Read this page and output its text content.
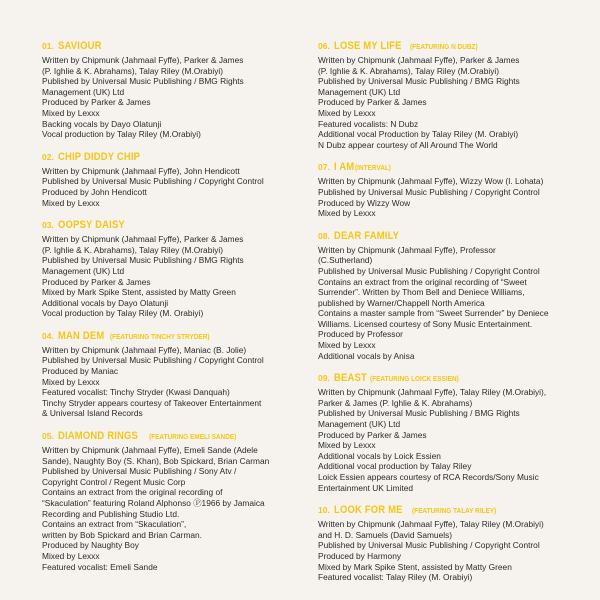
01. SAVIOUR
Written by Chipmunk (Jahmaal Fyffe), Parker & James
(P. Ighlie & K. Abrahams), Talay Riley (M.Orabiyi)
Published by Universal Music Publishing / BMG Rights
Management (UK) Ltd
Produced by Parker & James
Mixed by Lexxx
Backing vocals by Dayo Olatunji
Vocal production by Talay Riley (M.Orabiyi)
02. CHIP DIDDY CHIP
Written by Chipmunk (Jahmaal Fyffe), John Hendicott
Published by Universal Music Publishing / Copyright Control
Produced by John Hendicott
Mixed by Lexxx
03. OOPSY DAISY
Written by Chipmunk (Jahmaal Fyffe), Parker & James
(P. Ighlie & K. Abrahams), Talay Riley (M.Orabiyi)
Published by Universal Music Publishing / BMG Rights
Management (UK) Ltd
Produced by Parker & James
Mixed by Mark Spike Stent, assisted by Matty Green
Additional vocals by Dayo Olatunji
Vocal production by Talay Riley (M. Orabiyi)
04. MAN DEM (FEATURING TINCHY STRYDER)
Written by Chipmunk (Jahmaal Fyffe), Maniac (B. Jolie)
Published by Universal Music Publishing / Copyright Control
Produced by Maniac
Mixed by Lexxx
Featured vocalist: Tinchy Stryder (Kwasi Danquah)
Tinchy Stryder appears courtesy of Takeover Entertainment
& Universal Island Records
05. DIAMOND RINGS (FEATURING EMELI SANDE)
Written by Chipmunk (Jahmaal Fyffe), Emeli Sande (Adele
Sande), Naughty Boy (S. Khan), Bob Spickard, Brian Carman
Published by Universal Music Publishing / Sony Atv /
Copyright Control / Regent Music Corp
Contains an extract from the original recording of
“Skaculation” featuring Roland Alphonso Ⓟ1966 by Jamaica
Recording and Publishing Studio Ltd.
Contains an extract from “Skaculation”,
written by Bob Spickard and Brian Carman.
Produced by Naughty Boy
Mixed by Lexxx
Featured vocalist: Emeli Sande
06. LOSE MY LIFE (FEATURING N DUBZ)
Written by Chipmunk (Jahmaal Fyffe), Parker & James
(P. Ighlie & K. Abrahams), Talay Riley (M.Orabiyi)
Published by Universal Music Publishing / BMG Rights
Management (UK) Ltd
Produced by Parker & James
Mixed by Lexxx
Featured vocalists: N Dubz
Additional vocal Production by Talay Riley (M. Orabiyi)
N Dubz appear courtesy of All Around The World
07. I AM (INTERVAL)
Written by Chipmunk (Jahmaal Fyffe), Wizzy Wow (I. Lohata)
Published by Universal Music Publishing / Copyright Control
Produced by Wizzy Wow
Mixed by Lexxx
08. DEAR FAMILY
Written by Chipmunk (Jahmaal Fyffe), Professor
(C.Sutherland)
Published by Universal Music Publishing / Copyright Control
Contains an extract from the original recording of “Sweet
Surrender”. Written by Thom Bell and Deniece Williams,
published by Warner/Chappell North America
Contains a master sample from “Sweet Surrender” by Deniece
Williams. Licensed courtesy of Sony Music Entertainment.
Produced by Professor
Mixed by Lexxx
Additional vocals by Anisa
09. BEAST (FEATURING LOICK ESSIEN)
Written by Chipmunk (Jahmaal Fyffe), Talay Riley (M.Orabiyi),
Parker & James (P. Ighlie & K. Abrahams)
Published by Universal Music Publishing / BMG Rights
Management (UK) Ltd
Produced by Parker & James
Mixed by Lexxx
Additional vocals by Loick Essien
Additional vocal production by Talay Riley
Loick Essien appears courtesy of RCA Records/Sony Music
Entertainment UK Limited
10. LOOK FOR ME (FEATURING TALAY RILEY)
Written by Chipmunk (Jahmaal Fyffe), Talay Riley (M.Orabiyi)
and H. D. Samuels (David Samuels)
Published by Universal Music Publishing / Copyright Control
Produced by Harmony
Mixed by Mark Spike Stent, assisted by Matty Green
Featured vocalist: Talay Riley (M. Orabiyi)
